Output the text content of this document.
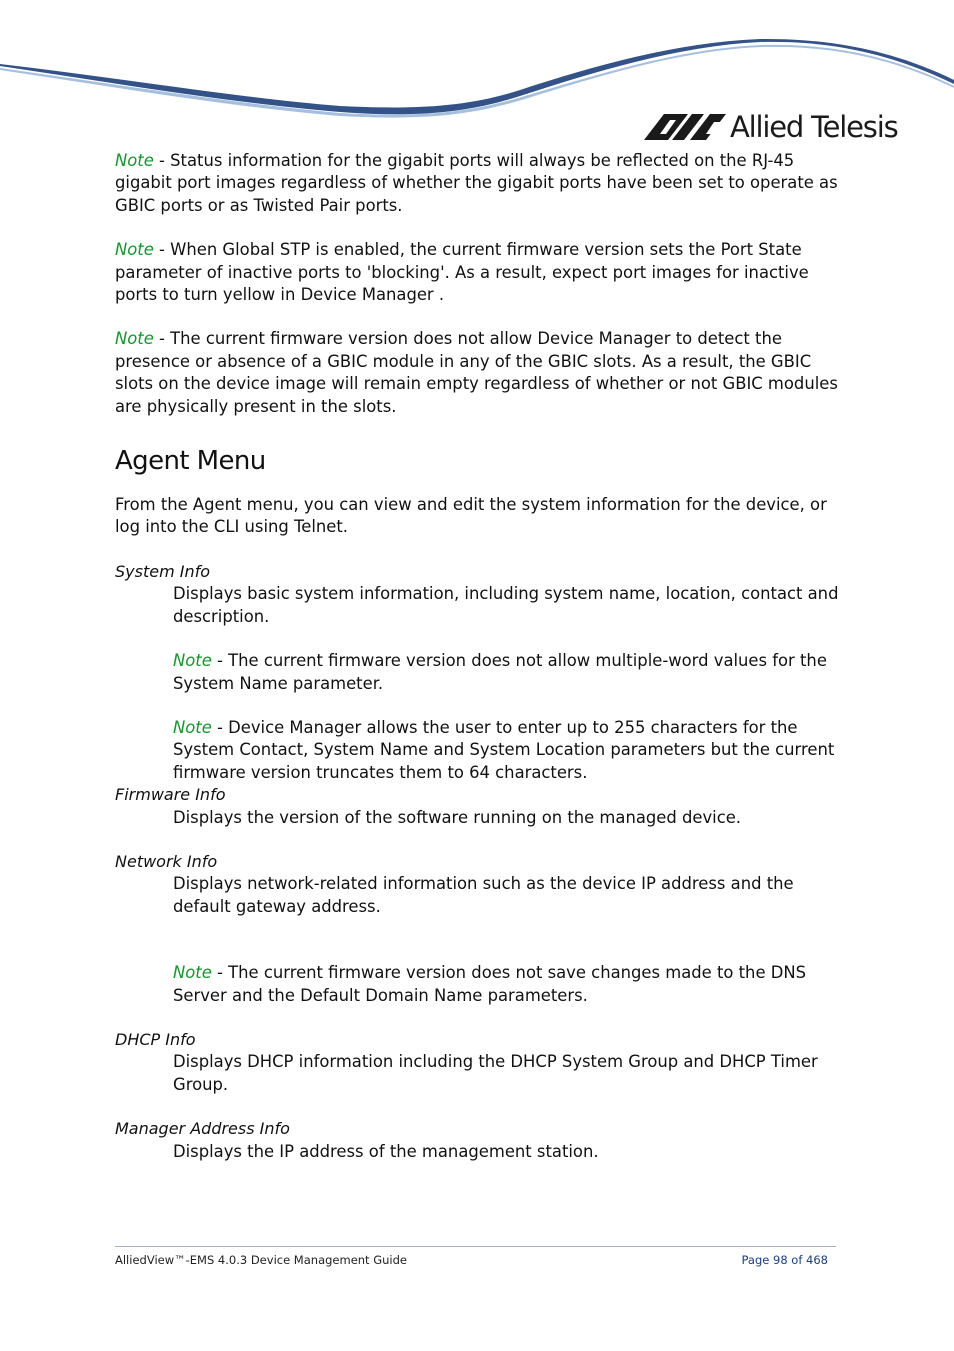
Allied Telesis

Note - Status information for the gigabit ports will always be reflected on the RJ-45 gigabit port images regardless of whether the gigabit ports have been set to operate as GBIC ports or as Twisted Pair ports.

Note - When Global STP is enabled, the current firmware version sets the Port State parameter of inactive ports to 'blocking'. As a result, expect port images for inactive ports to turn yellow in Device Manager .

Note - The current firmware version does not allow Device Manager to detect the presence or absence of a GBIC module in any of the GBIC slots. As a result, the GBIC slots on the device image will remain empty regardless of whether or not GBIC modules are physically present in the slots.

Agent Menu

From the Agent menu, you can view and edit the system information for the device, or log into the CLI using Telnet.

System Info

Displays basic system information, including system name, location, contact and description.

Note - The current firmware version does not allow multiple-word values for the System Name parameter.

Note - Device Manager allows the user to enter up to 255 characters for the System Contact, System Name and System Location parameters but the current firmware version truncates them to 64 characters.

Firmware Info

Displays the version of the software running on the managed device.

Network Info

Displays network-related information such as the device IP address and the default gateway address.

Note - The current firmware version does not save changes made to the DNS Server and the Default Domain Name parameters.

DHCP Info

Displays DHCP information including the DHCP System Group and DHCP Timer Group.

Manager Address Info

Displays the IP address of the management station.

AlliedView™-EMS 4.0.3 Device Management Guide	Page 98 of 468
